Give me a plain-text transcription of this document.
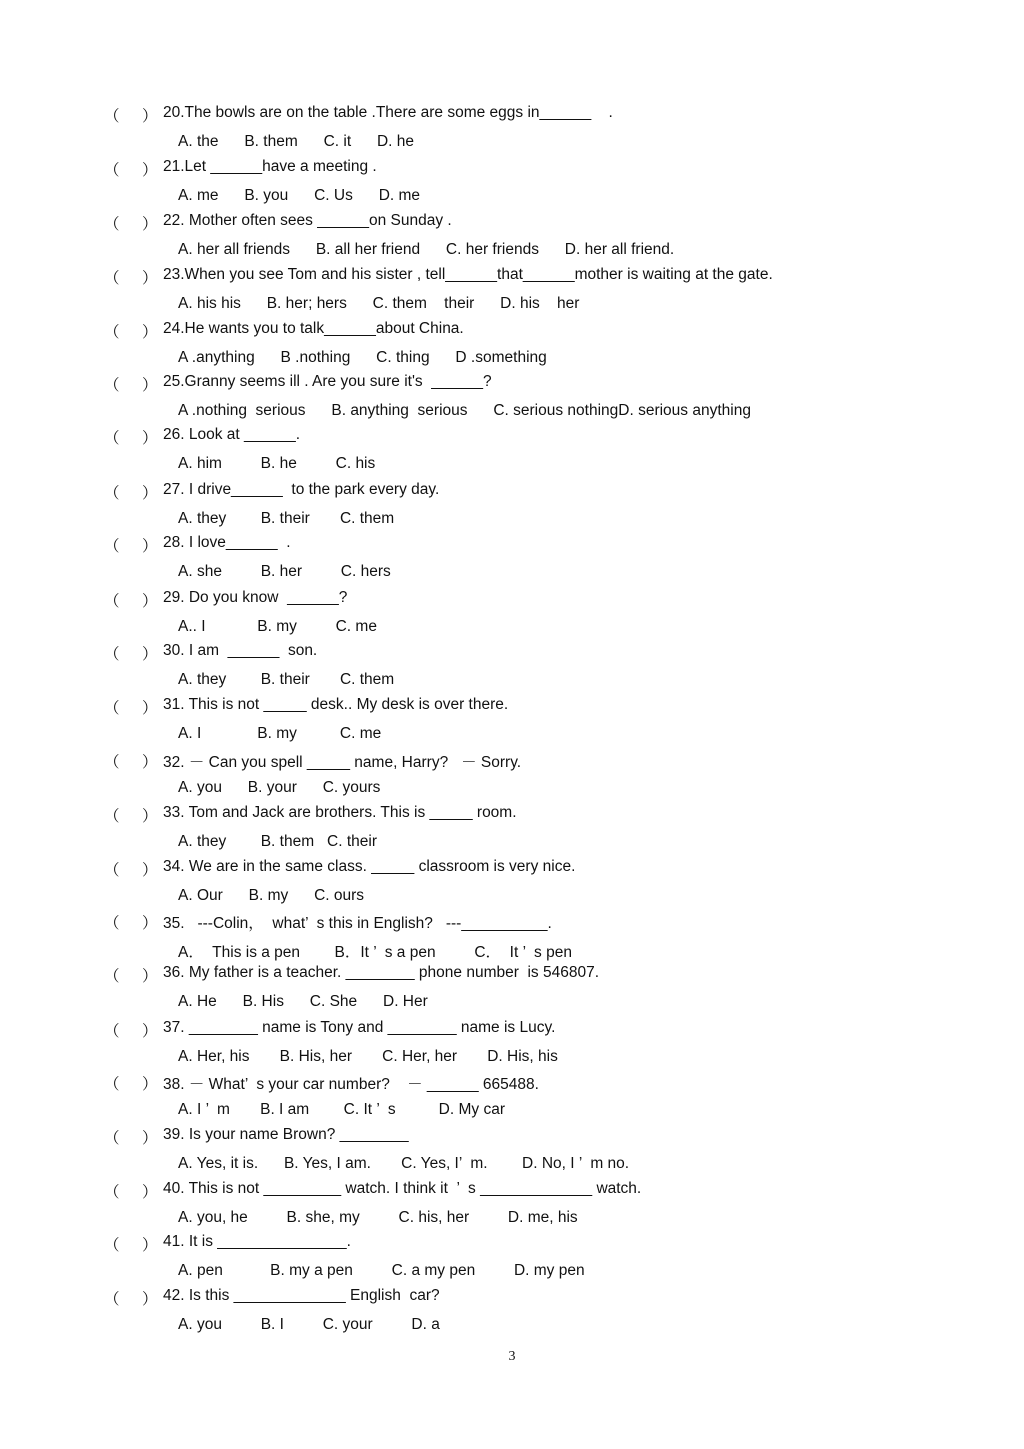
（ ） 20.The bowls are on the table .There are some eggs in______    .
A. the      B. them      C. it      D. he
（ ） 21.Let ______have a meeting .
A. me      B. you      C. Us      D. me
（ ） 22. Mother often sees ______on Sunday .
A. her all friends      B. all her friend      C. her friends      D. her all friend.
（ ） 23.When you see Tom and his sister , tell______that______mother is waiting at the gate.
A. his his      B. her; hers      C. them    their      D. his    her
（ ） 24.He wants you to talk______about China.
A .anything      B .nothing      C. thing      D .something
（ ） 25.Granny seems ill . Are you sure it's  ______?
A .nothing  serious      B. anything  serious      C. serious nothingD. serious anything
（ ） 26. Look at ______.
A. him         B. he         C. his
（ ） 27. I drive______  to the park every day.
A. they        B. their       C. them
（ ） 28. I love______  .
A. she         B. her         C. hers
（ ） 29. Do you know  ______?
A.. I            B. my         C. me
（ ） 30. I am  ______  son.
A. they        B. their       C. them
（ ） 31. This is not _____ desk.. My desk is over there.
A. I             B. my          C. me
（ ） 32. － Can you spell _____ name, Harry?   － Sorry.
A. you      B. your      C. yours
（ ） 33. Tom and Jack are brothers. This is _____ room.
A. they        B. them   C. their
（ ） 34. We are in the same class. _____ classroom is very nice.
A. Our      B. my      C. ours
（ ） 35.   ---Colin，  what’  s this in English?   ---__________.
A．  This is a pen        B．It ’  s a pen         C．  It ’  s pen
（ ） 36. My father is a teacher. ________ phone number  is 546807.
A. He      B. His      C. She      D. Her
（ ） 37. ________ name is Tony and ________ name is Lucy.
A. Her, his       B. His, her       C. Her, her       D. His, his
（ ） 38. － What’  s your car number?    － ______ 665488.
A. I ’  m       B. I am        C. It ’  s          D. My car
（ ） 39. Is your name Brown? ________
A. Yes, it is.      B. Yes, I am.       C. Yes, I’  m.        D. No, I ’  m no.
（ ） 40. This is not _________ watch. I think it  ’  s _____________ watch.
A. you, he         B. she, my         C. his, her         D. me, his
（ ） 41. It is _______________.
A. pen           B. my a pen         C. a my pen         D. my pen
（ ） 42. Is this _____________ English  car?
A. you         B. I         C. your         D. a
3
